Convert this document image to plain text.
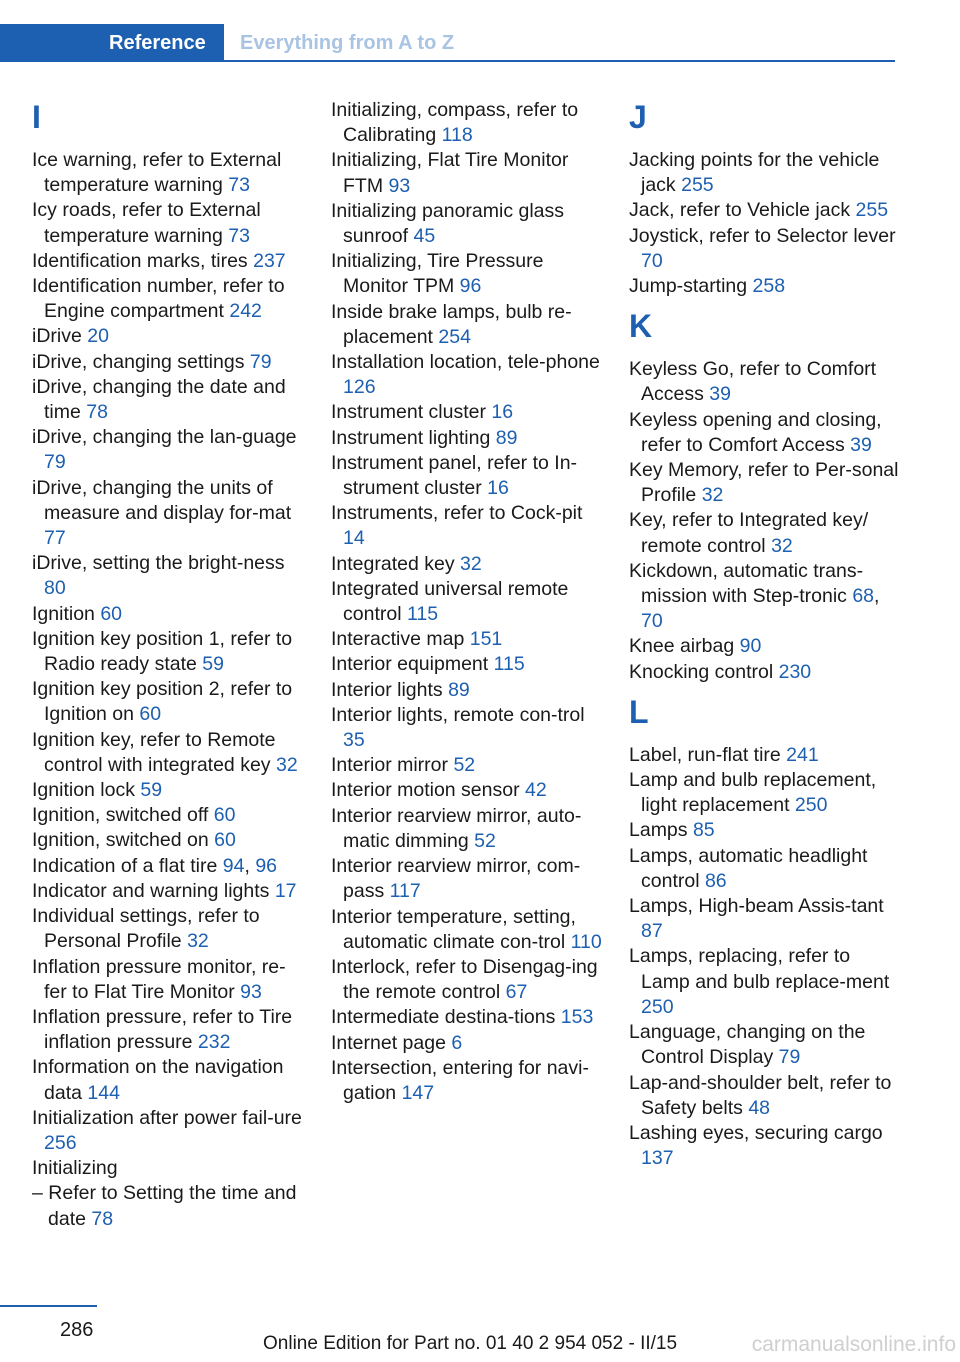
Reference	Everything from A to Z
I
Ice warning, refer to External temperature warning 73
Icy roads, refer to External temperature warning 73
Identification marks, tires 237
Identification number, refer to Engine compartment 242
iDrive 20
iDrive, changing settings 79
iDrive, changing the date and time 78
iDrive, changing the lan‐guage 79
iDrive, changing the units of measure and display for‐mat 77
iDrive, setting the bright‐ness 80
Ignition 60
Ignition key position 1, refer to Radio ready state 59
Ignition key position 2, refer to Ignition on 60
Ignition key, refer to Remote control with integrated key 32
Ignition lock 59
Ignition, switched off 60
Ignition, switched on 60
Indication of a flat tire 94, 96
Indicator and warning lights 17
Individual settings, refer to Personal Profile 32
Inflation pressure monitor, re‐fer to Flat Tire Monitor 93
Inflation pressure, refer to Tire inflation pressure 232
Information on the navigation data 144
Initialization after power fail‐ure 256
Initializing
– Refer to Setting the time and date 78
Initializing, compass, refer to Calibrating 118
Initializing, Flat Tire Monitor FTM 93
Initializing panoramic glass sunroof 45
Initializing, Tire Pressure Monitor TPM 96
Inside brake lamps, bulb re‐placement 254
Installation location, tele‐phone 126
Instrument cluster 16
Instrument lighting 89
Instrument panel, refer to In‐strument cluster 16
Instruments, refer to Cock‐pit 14
Integrated key 32
Integrated universal remote control 115
Interactive map 151
Interior equipment 115
Interior lights 89
Interior lights, remote con‐trol 35
Interior mirror 52
Interior motion sensor 42
Interior rearview mirror, auto‐matic dimming 52
Interior rearview mirror, com‐pass 117
Interior temperature, setting, automatic climate con‐trol 110
Interlock, refer to Disengag‐ing the remote control 67
Intermediate destina‐tions 153
Internet page 6
Intersection, entering for navi‐gation 147
J
Jacking points for the vehicle jack 255
Jack, refer to Vehicle jack 255
Joystick, refer to Selector lever 70
Jump-starting 258
K
Keyless Go, refer to Comfort Access 39
Keyless opening and closing, refer to Comfort Access 39
Key Memory, refer to Per‐sonal Profile 32
Key, refer to Integrated key/ remote control 32
Kickdown, automatic trans‐mission with Step‐tronic 68, 70
Knee airbag 90
Knocking control 230
L
Label, run-flat tire 241
Lamp and bulb replacement, light replacement 250
Lamps 85
Lamps, automatic headlight control 86
Lamps, High-beam Assis‐tant 87
Lamps, replacing, refer to Lamp and bulb replace‐ment 250
Language, changing on the Control Display 79
Lap-and-shoulder belt, refer to Safety belts 48
Lashing eyes, securing cargo 137
286
Online Edition for Part no. 01 40 2 954 052 - II/15	carmanualsonline.info
